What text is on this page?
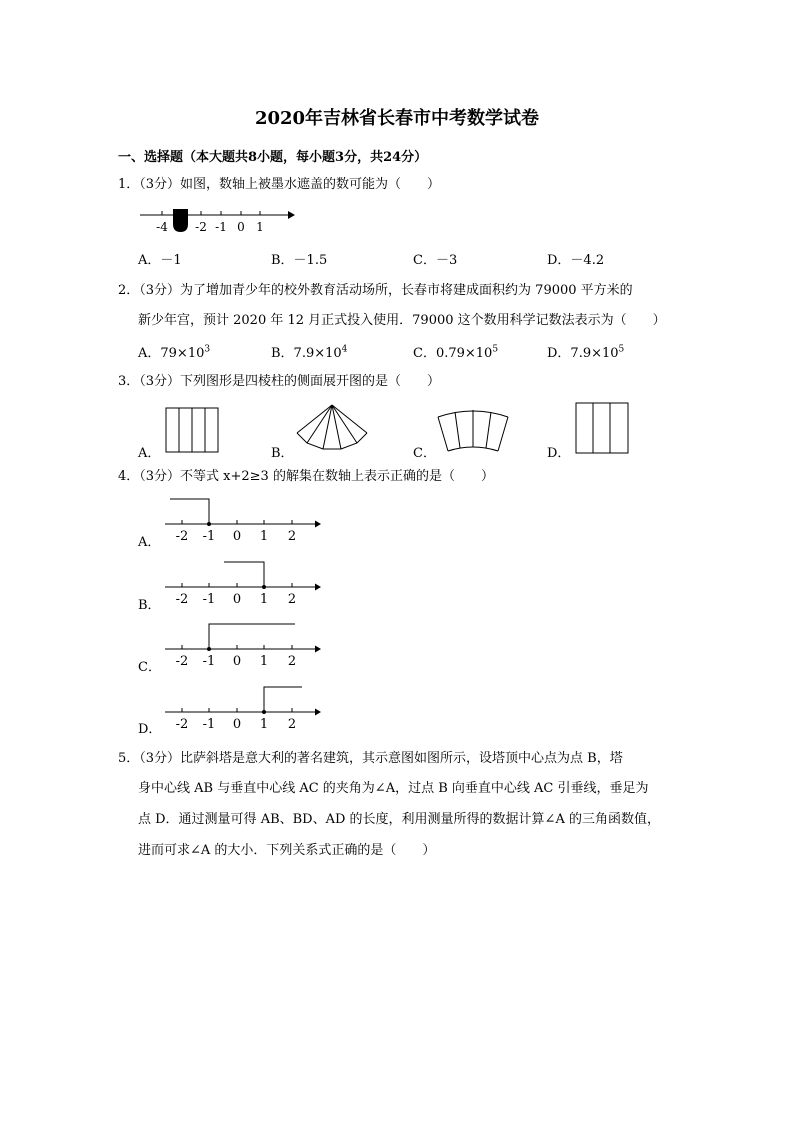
2020年吉林省长春市中考数学试卷
一、选择题（本大题共8小题，每小题3分，共24分）
1．（3分）如图，数轴上被墨水遮盖的数可能为（　　）
-4 -2 -1 0 1
A．－1	B．－1.5	C．－3	D．－4.2
2．（3分）为了增加青少年的校外教育活动场所，长春市将建成面积约为 79000 平方米的
新少年宫，预计 2020 年 12 月正式投入使用．79000 这个数用科学记数法表示为（　　）
A．$79\times 10^3$	B．$7.9\times 10^4$	C．$0.79\times 10^5$	D．$7.9\times 10^5$
3．（3分）下列图形是四棱柱的侧面展开图的是（　　）
A．	B．	C．	D．
4．（3分）不等式 x+2≥3 的解集在数轴上表示正确的是（　　）
A． -2 -1 0 1 2
B． -2 -1 0 1 2
C． -2 -1 0 1 2
D． -2 -1 0 1 2
5．（3分）比萨斜塔是意大利的著名建筑，其示意图如图所示，设塔顶中心点为点 B，塔
身中心线 AB 与垂直中心线 AC 的夹角为∠A，过点 B 向垂直中心线 AC 引垂线，垂足为
点 D．通过测量可得 AB、BD、AD 的长度，利用测量所得的数据计算∠A 的三角函数值，
进而可求∠A 的大小．下列关系式正确的是（　　）
